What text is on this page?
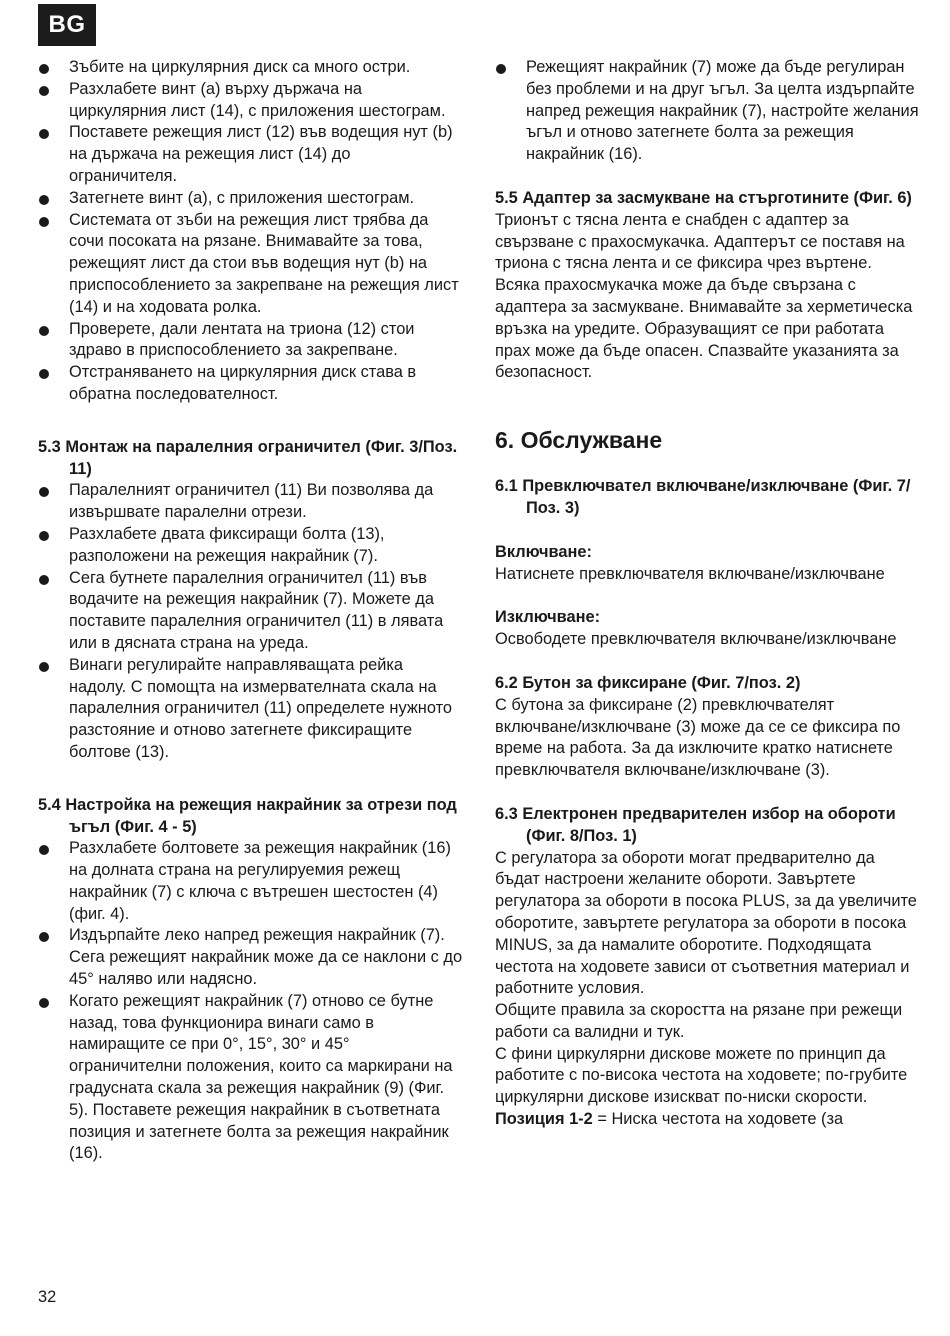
BG
Зъбите на циркулярния диск са много остри.
Разхлабете винт (a) върху държача на циркулярния лист (14), с приложения шестограм.
Поставете режещия лист (12) във водещия нут (b) на държача на режещия лист (14) до ограничителя.
Затегнете винт (a), с приложения шестограм.
Системата от зъби на режещия лист трябва да сочи посоката на рязане. Внимавайте за това, режещият лист да стои във водещия нут (b) на приспособлението за закрепване на режещия лист (14) и на ходовата ролка.
Проверете, дали лентата на триона (12) стои здраво в приспособлението за закрепване.
Отстраняването на циркулярния диск става в обратна последователност.

5.3 Монтаж на паралелния ограничител (Фиг. 3/Поз. 11)

Паралелният ограничител (11) Ви позволява да извършвате паралелни отрези.
Разхлабете двата фиксиращи болта (13), разположени на режещия накрайник (7).
Сега бутнете паралелния ограничител (11) във водачите на режещия накрайник (7). Можете да поставите паралелния ограничител (11) в лявата или в дясната страна на уреда.
Винаги регулирайте направляващата рейка надолу. С помощта на измервателната скала на паралелния ограничител (11) определете нужното разстояние и отново затегнете фиксиращите болтове (13).

5.4 Настройка на режещия накрайник за отрези под ъгъл (Фиг. 4 - 5)

Разхлабете болтовете за режещия накрайник (16) на долната страна на регулируемия режещ накрайник (7) с ключа с вътрешен шестостен (4) (фиг. 4).
Издърпайте леко напред режещия накрайник (7). Сега режещият накрайник може да се наклони с до 45° наляво или надясно.
Когато режещият накрайник (7) отново се бутне назад, това функционира винаги само в намиращите се при 0°, 15°, 30° и 45° ограничителни положения, които са маркирани на градусната скала за режещия накрайник (9) (Фиг. 5). Поставете режещия накрайник в съответната позиция и затегнете болта за режещия накрайник (16).
Режещият накрайник (7) може да бъде регулиран без проблеми и на друг ъгъл. За целта издърпайте напред режещия накрайник (7), настройте желания ъгъл и отново затегнете болта за режещия накрайник (16).

5.5 Адаптер за засмукване на стърготините (Фиг. 6)

Трионът с тясна лента е снабден с адаптер за свързване с прахосмукачка. Адаптерът се поставя на триона с тясна лента и се фиксира чрез въртене. Всяка прахосмукачка може да бъде свързана с адаптера за засмукване. Внимавайте за херметическа връзка на уредите. Образуващият се при работата прах може да бъде опасен. Спазвайте указанията за безопасност.

6. Обслужване

6.1 Превключвател включване/изключване (Фиг. 7/Поз. 3)

Включване:

Натиснете превключвателя включване/изключване

Изключване:

Освободете превключвателя включване/изключване

6.2 Бутон за фиксиране (Фиг. 7/поз. 2)

С бутона за фиксиране (2) превключвателят включване/изключване (3) може да се се фиксира по време на работа. За да изключите кратко натиснете превключвателя включване/изключване (3).

6.3 Електронен предварителен избор на обороти (Фиг. 8/Поз. 1)

С регулатора за обороти могат предварително да бъдат настроени желаните обороти. Завъртете регулатора за обороти в посока PLUS, за да увеличите оборотите, завъртете регулатора за обороти в посока MINUS, за да намалите оборотите. Подходящата честота на ходовете зависи от съответния материал и работните условия.

Общите правила за скоростта на рязане при режещи работи са валидни и тук.

С фини циркулярни дискове можете по принцип да работите с по-висока честота на ходовете; по-грубите циркулярни дискове изискват по-ниски скорости.

Позиция 1-2 = Ниска честота на ходовете (за

32
